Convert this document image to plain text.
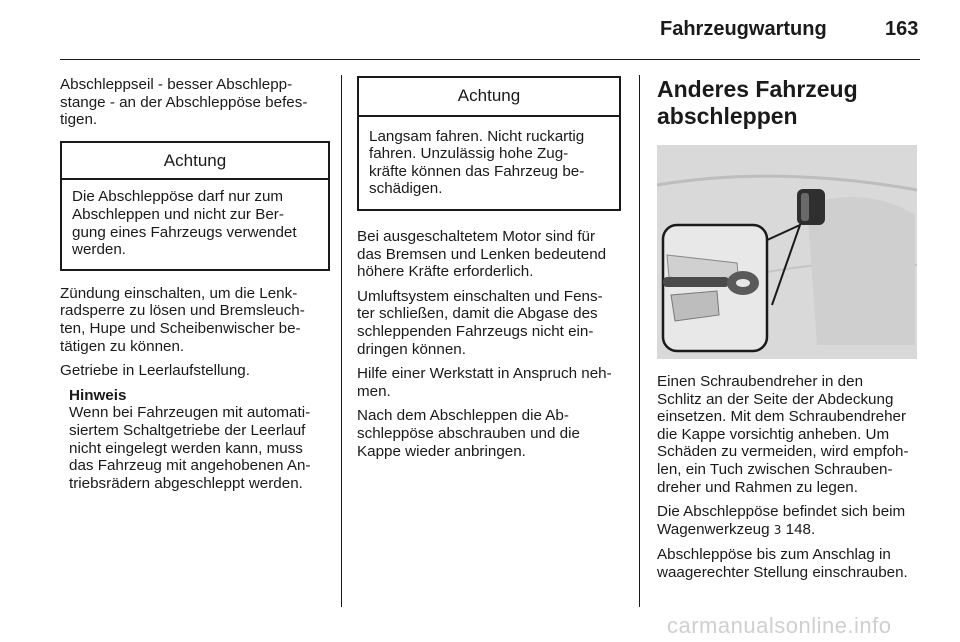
Fahrzeugwartung	163

Abschleppseil - besser Abschlepp-
stange - an der Abschleppöse befes-
tigen.

Achtung
Die Abschleppöse darf nur zum
Abschleppen und nicht zur Ber-
gung eines Fahrzeugs verwendet
werden.

Zündung einschalten, um die Lenk-
radsperre zu lösen und Bremsleuch-
ten, Hupe und Scheibenwischer be-
tätigen zu können.

Getriebe in Leerlaufstellung.

Hinweis
Wenn bei Fahrzeugen mit automati-
siertem Schaltgetriebe der Leerlauf
nicht eingelegt werden kann, muss
das Fahrzeug mit angehobenen An-
triebsrädern abgeschleppt werden.
Achtung
Langsam fahren. Nicht ruckartig
fahren. Unzulässig hohe Zug-
kräfte können das Fahrzeug be-
schädigen.

Bei ausgeschaltetem Motor sind für
das Bremsen und Lenken bedeutend
höhere Kräfte erforderlich.

Umluftsystem einschalten und Fens-
ter schließen, damit die Abgase des
schleppenden Fahrzeugs nicht ein-
dringen können.

Hilfe einer Werkstatt in Anspruch neh-
men.

Nach dem Abschleppen die Ab-
schleppöse abschrauben und die
Kappe wieder anbringen.

Anderes Fahrzeug
abschleppen

Einen Schraubendreher in den
Schlitz an der Seite der Abdeckung
einsetzen. Mit dem Schraubendreher
die Kappe vorsichtig anheben. Um
Schäden zu vermeiden, wird empfoh-
len, ein Tuch zwischen Schrauben-
dreher und Rahmen zu legen.

Die Abschleppöse befindet sich beim
Wagenwerkzeug 3 148.

Abschleppöse bis zum Anschlag in
waagerechter Stellung einschrauben.

carmanualsonline.info
